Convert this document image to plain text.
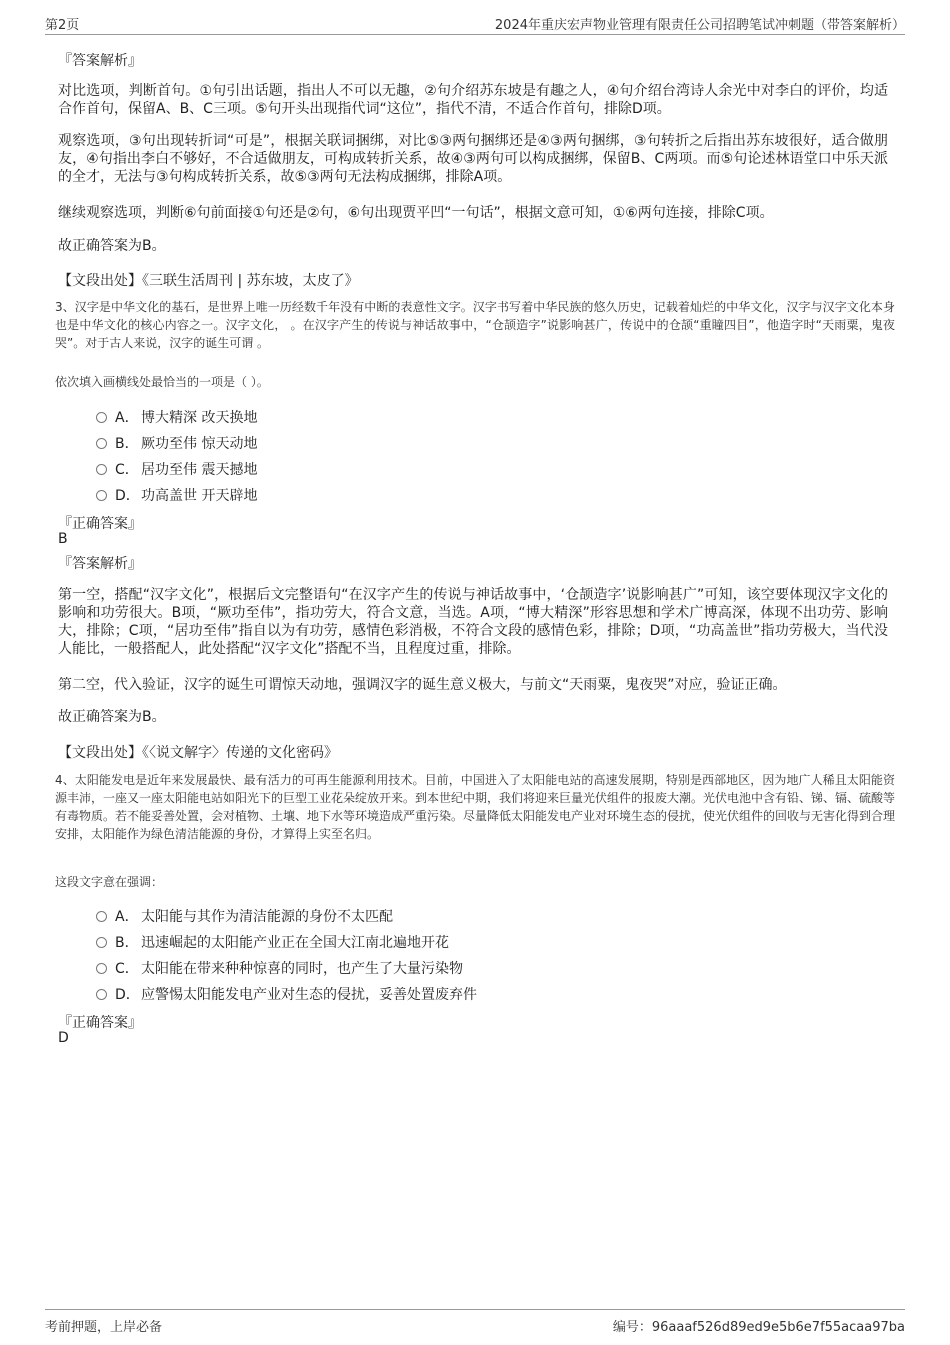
第2页	2024年重庆宏声物业管理有限责任公司招聘笔试冲刺题（带答案解析）
『答案解析』
对比选项，判断首句。①句引出话题，指出人不可以无趣，②句介绍苏东坡是有趣之人，④句介绍台湾诗人余光中对李白的评价，均适合作首句，保留A、B、C三项。⑤句开头出现指代词“这位”，指代不清，不适合作首句，排除D项。
观察选项，③句出现转折词“可是”，根据关联词捆绑，对比⑤③两句捆绑还是④③两句捆绑，③句转折之后指出苏东坡很好，适合做朋友，④句指出李白不够好，不合适做朋友，可构成转折关系，故④③两句可以构成捆绑，保留B、C两项。而⑤句论述林语堂口中乐天派的全才，无法与③句构成转折关系，故⑤③两句无法构成捆绑，排除A项。
继续观察选项，判断⑥句前面接①句还是②句，⑥句出现贾平凹“一句话”，根据文意可知，①⑥两句连接，排除C项。
故正确答案为B。
【文段出处】《三联生活周刊 | 苏东坡，太皮了》
3、汉字是中华文化的基石，是世界上唯一历经数千年没有中断的表意性文字。汉字书写着中华民族的悠久历史，记载着灿烂的中华文化，汉字与汉字文化本身也是中华文化的核心内容之一。汉字文化， 。在汉字产生的传说与神话故事中，“仓颉造字”说影响甚广，传说中的仓颉“重瞳四目”，他造字时“天雨粟，鬼夜哭”。对于古人来说，汉字的诞生可谓 。
依次填入画横线处最恰当的一项是（ ）。
A． 博大精深 改天换地
B． 厥功至伟 惊天动地
C． 居功至伟 震天撼地
D．功高盖世 开天辟地
『正确答案』
B
『答案解析』
第一空，搭配“汉字文化”，根据后文完整语句“在汉字产生的传说与神话故事中，‘仓颉造字’说影响甚广”可知，该空要体现汉字文化的影响和功劳很大。B项，“厥功至伟”，指功劳大，符合文意，当选。A项，“博大精深”形容思想和学术广博高深，体现不出功劳、影响大，排除；C项，“居功至伟”指自以为有功劳，感情色彩消极，不符合文段的感情色彩，排除；D项，“功高盖世”指功劳极大，当代没人能比，一般搭配人，此处搭配“汉字文化”搭配不当，且程度过重，排除。
第二空，代入验证，汉字的诞生可谓惊天动地，强调汉字的诞生意义极大，与前文“天雨粟，鬼夜哭”对应，验证正确。
故正确答案为B。
【文段出处】《〈说文解字〉传递的文化密码》
4、太阳能发电是近年来发展最快、最有活力的可再生能源利用技术。目前，中国进入了太阳能电站的高速发展期，特别是西部地区，因为地广人稀且太阳能资源丰沛，一座又一座太阳能电站如阳光下的巨型工业花朵绽放开来。到本世纪中期，我们将迎来巨量光伏组件的报废大潮。光伏电池中含有铅、锑、镉、硫酸等有毒物质。若不能妥善处置，会对植物、土壤、地下水等环境造成严重污染。尽量降低太阳能发电产业对环境生态的侵扰，使光伏组件的回收与无害化得到合理安排，太阳能作为绿色清洁能源的身份，才算得上实至名归。
这段文字意在强调：
A． 太阳能与其作为清洁能源的身份不太匹配
B． 迅速崛起的太阳能产业正在全国大江南北遍地开花
C． 太阳能在带来种种惊喜的同时，也产生了大量污染物
D．应警惕太阳能发电产业对生态的侵扰，妥善处置废弃件
『正确答案』
D
考前押题，上岸必备	编号：96aaaf526d89ed9e5b6e7f55acaa97ba
